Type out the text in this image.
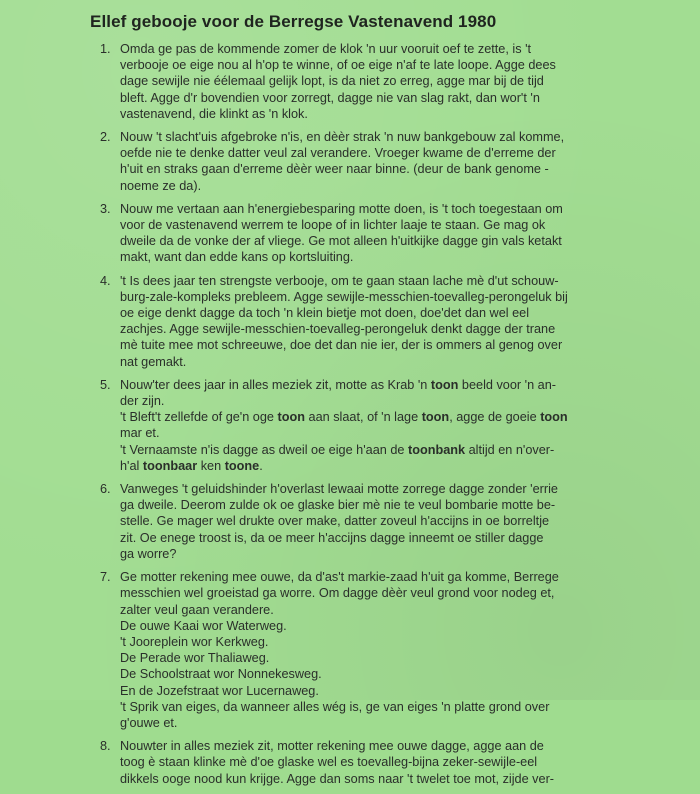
Ellef gebooje voor de Berregse Vastenavend 1980
1. Omda ge pas de kommende zomer de klok 'n uur vooruit oef te zette, is 't
verbooje oe eige nou al h'op te winne, of oe eige n'af te late loope. Agge dees
dage sewijle nie éélemaal gelijk lopt, is da niet zo erreg, agge mar bij de tijd
bleft. Agge d'r bovendien voor zorregt, dagge nie van slag rakt, dan wor't 'n
vastenavend, die klinkt as 'n klok.
2. Nouw 't slacht'uis afgebroke n'is, en dèèr strak 'n nuw bankgebouw zal komme,
oefde nie te denke datter veul zal verandere. Vroeger kwame de d'erreme der
h'uit en straks gaan d'erreme dèèr weer naar binne. (deur de bank genome -
noeme ze da).
3. Nouw me vertaan aan h'energiebesparing motte doen, is 't toch toegestaan om
voor de vastenavend werrem te loope of in lichter laaje te staan. Ge mag ok
dweile da de vonke der af vliege. Ge mot alleen h'uitkijke dagge gin vals ketakt
makt, want dan edde kans op kortsluiting.
4. 't Is dees jaar ten strengste verbooje, om te gaan staan lache mè d'ut schouw-
burg-zale-kompleks prebleem. Agge sewijle-messchien-toevalleg-perongeluk bij
oe eige denkt dagge da toch 'n klein bietje mot doen, doe'det dan wel eel
zachjes. Agge sewijle-messchien-toevalleg-perongeluk denkt dagge der trane
mè tuite mee mot schreeuwe, doe det dan nie ier, der is ommers al genog over
nat gemakt.
5. Nouw'ter dees jaar in alles meziek zit, motte as Krab 'n toon beeld voor 'n an-
der zijn.
't Bleft't zellefde of ge'n oge toon aan slaat, of 'n lage toon, agge de goeie toon
mar et.
't Vernaamste n'is dagge as dweil oe eige h'aan de toonbank altijd en n'over-
h'al toonbaar ken toone.
6. Vanweges 't geluidshinder h'overlast lewaai motte zorrege dagge zonder 'errie
ga dweile. Deerom zulde ok oe glaske bier mè nie te veul bombarie motte be-
stelle. Ge mager wel drukte over make, datter zoveul h'accijns in oe borreltje
zit. Oe enege troost is, da oe meer h'accijns dagge inneemt oe stiller dagge
ga worre?
7. Ge motter rekening mee ouwe, da d'as't markie-zaad h'uit ga komme, Berrege
messchien wel groeistad ga worre. Om dagge dèèr veul grond voor nodeg et,
zalter veul gaan verandere.
De ouwe Kaai wor Waterweg.
't Jooreplein wor Kerkweg.
De Perade wor Thaliaweg.
De Schoolstraat wor Nonnekesweg.
En de Jozefstraat wor Lucernaweg.
't Sprik van eiges, da wanneer alles wég is, ge van eiges 'n platte grond over
g'ouwe et.
8. Nouwter in alles meziek zit, motter rekening mee ouwe dagge, agge aan de
toog è staan klinke mè d'oe glaske wel es toevalleg-bijna zeker-sewijle-eel
dikkels ooge nood kun krijge. Agge dan soms naar 't twelet toe mot, zijde ver-
